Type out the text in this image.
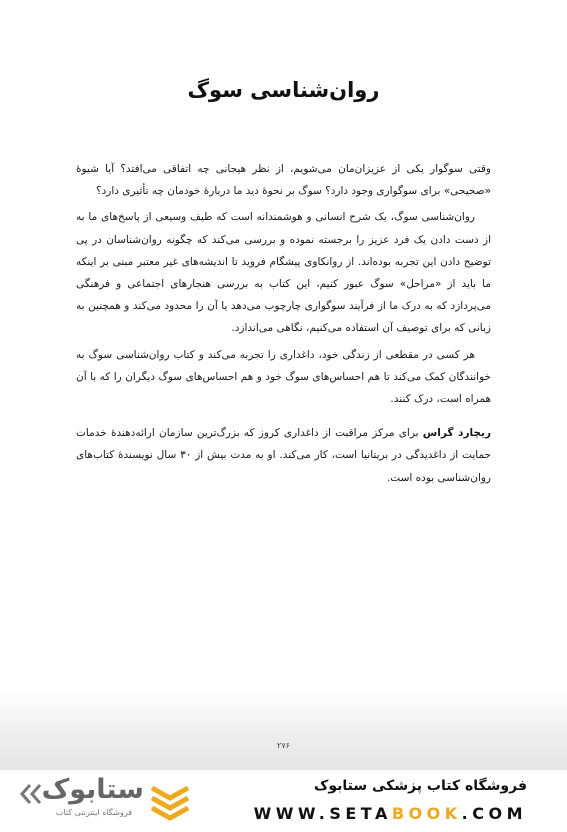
روان‌شناسی سوگ

وقتی سوگوار یکی از عزیزان‌مان می‌شویم، از نظر هیجانی چه اتفاقی می‌افتد؟ آیا شیوهٔ «صحیحی» برای سوگواری وجود دارد؟ سوگ بر نحوهٔ دید ما دربارهٔ خودمان چه تأثیری دارد؟

روان‌شناسی سوگ، یک شرح انسانی و هوشمندانه است که طیف وسیعی از پاسخ‌های ما به از دست دادن یک فرد عزیز را برجسته نموده و بررسی می‌کند که چگونه روان‌شناسان در پی توضیح دادن این تجربه بوده‌اند. از روانکاوی پیشگام فروید تا اندیشه‌های غیر معتبر مبنی بر اینکه ما باید از «مراحل» سوگ عبور کنیم، این کتاب به بررسی هنجارهای اجتماعی و فرهنگی می‌پردازد که به درک ما از فرآیند سوگواری چارچوب می‌دهد یا آن را محدود می‌کند و همچنین به زبانی که برای توصیف آن استفاده می‌کنیم، نگاهی می‌اندازد.

هر کسی در مقطعی از زندگی خود، داغداری را تجربه می‌کند و کتاب روان‌شناسی سوگ به خوانندگان کمک می‌کند تا هم احساس‌های سوگ خود و هم احساس‌های سوگ دیگران را که با آن همراه است، درک کنند.

ریچارد گراس برای مرکز مراقبت از داغداری کروز که بزرگ‌ترین سازمان ارائه‌دهندهٔ خدمات حمایت از داغدیدگی در بریتانیا است، کار می‌کند. او به مدت بیش از ۳۰ سال نویسندهٔ کتاب‌های روان‌شناسی بوده است.

۲۷۶
ستابوک
فروشگاه اینترنتی کتاب
فروشگاه کتاب پزشکی ستابوک
WWW.SETABOOK.COM
